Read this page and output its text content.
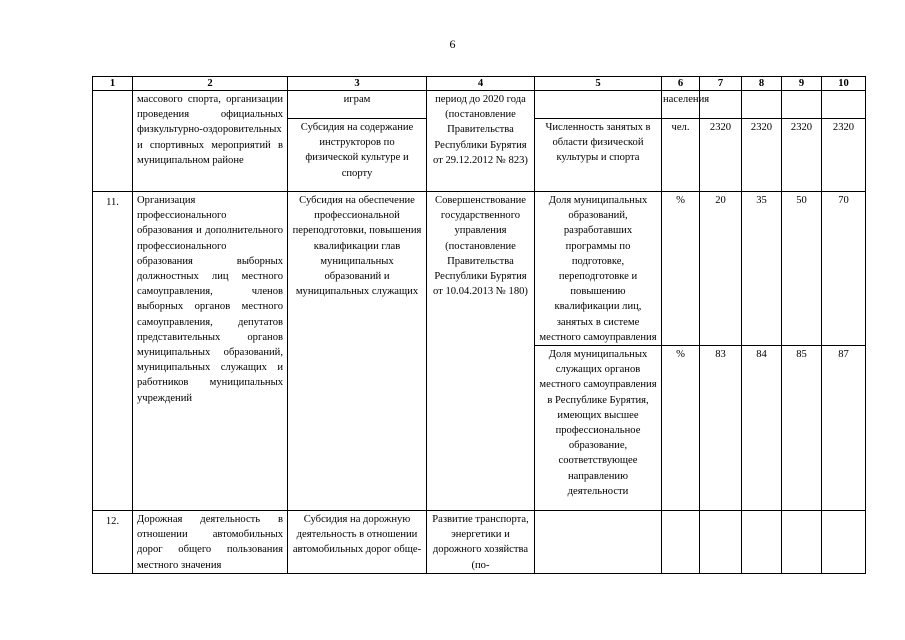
6
1	2	3	4	5	6	7	8	9	10
	массового спорта, организации проведения официальных физкультурно-оздоровительных и спортивных мероприятий в муниципальном районе	играм	период до 2020 года (постановление Правительства Республики Бурятия от 29.12.2012 № 823)		населения				
		Субсидия на содержание инструкторов по физической культуре и спорту		Численность занятых в области физической культуры и спорта	чел.	2320	2320	2320	2320
11.	Организация профессионального образования и дополнительного профессионального образования выборных должностных лиц местного самоуправления, членов выборных органов местного самоуправления, депутатов представительных органов муниципальных образований, муниципальных служащих и работников муниципальных учреждений	Субсидия на обеспечение профессиональной переподготовки, повышения квалификации глав муниципальных образований и муниципальных служащих	Совершенствование государственного управления (постановление Правительства Республики Бурятия от 10.04.2013 № 180)	Доля муниципальных образований, разработавших программы по подготовке, переподготовке и повышению квалификации лиц, занятых в системе местного самоуправления	%	20	35	50	70
				Доля муниципальных служащих органов местного самоуправления в Республике Бурятия, имеющих высшее профессиональное образование, соответствующее направлению деятельности	%	83	84	85	87
12.	Дорожная деятельность в отношении автомобильных дорог общего пользования местного значения	Субсидия на дорожную деятельность в отношении автомобильных дорог обще-	Развитие транспорта, энергетики и дорожного хозяйства (по-						
